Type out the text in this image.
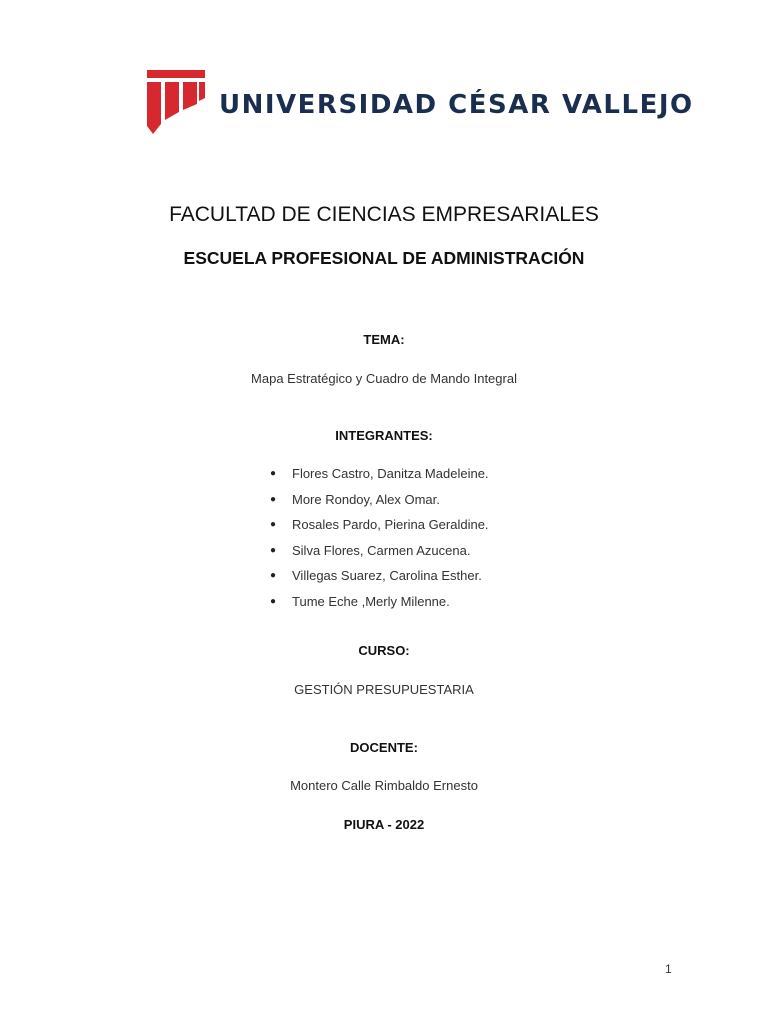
UNIVERSIDAD CÉSAR VALLEJO
FACULTAD DE CIENCIAS EMPRESARIALES
ESCUELA PROFESIONAL DE ADMINISTRACIÓN
TEMA:
Mapa Estratégico y Cuadro de Mando Integral
INTEGRANTES:
●	Flores Castro, Danitza Madeleine.
●	More Rondoy, Alex Omar.
●	Rosales Pardo, Pierina Geraldine.
●	Silva Flores, Carmen Azucena.
●	Villegas Suarez, Carolina Esther.
●	Tume Eche ,Merly Milenne.
CURSO:
GESTIÓN PRESUPUESTARIA
DOCENTE:
Montero Calle Rimbaldo Ernesto
PIURA - 2022
1
